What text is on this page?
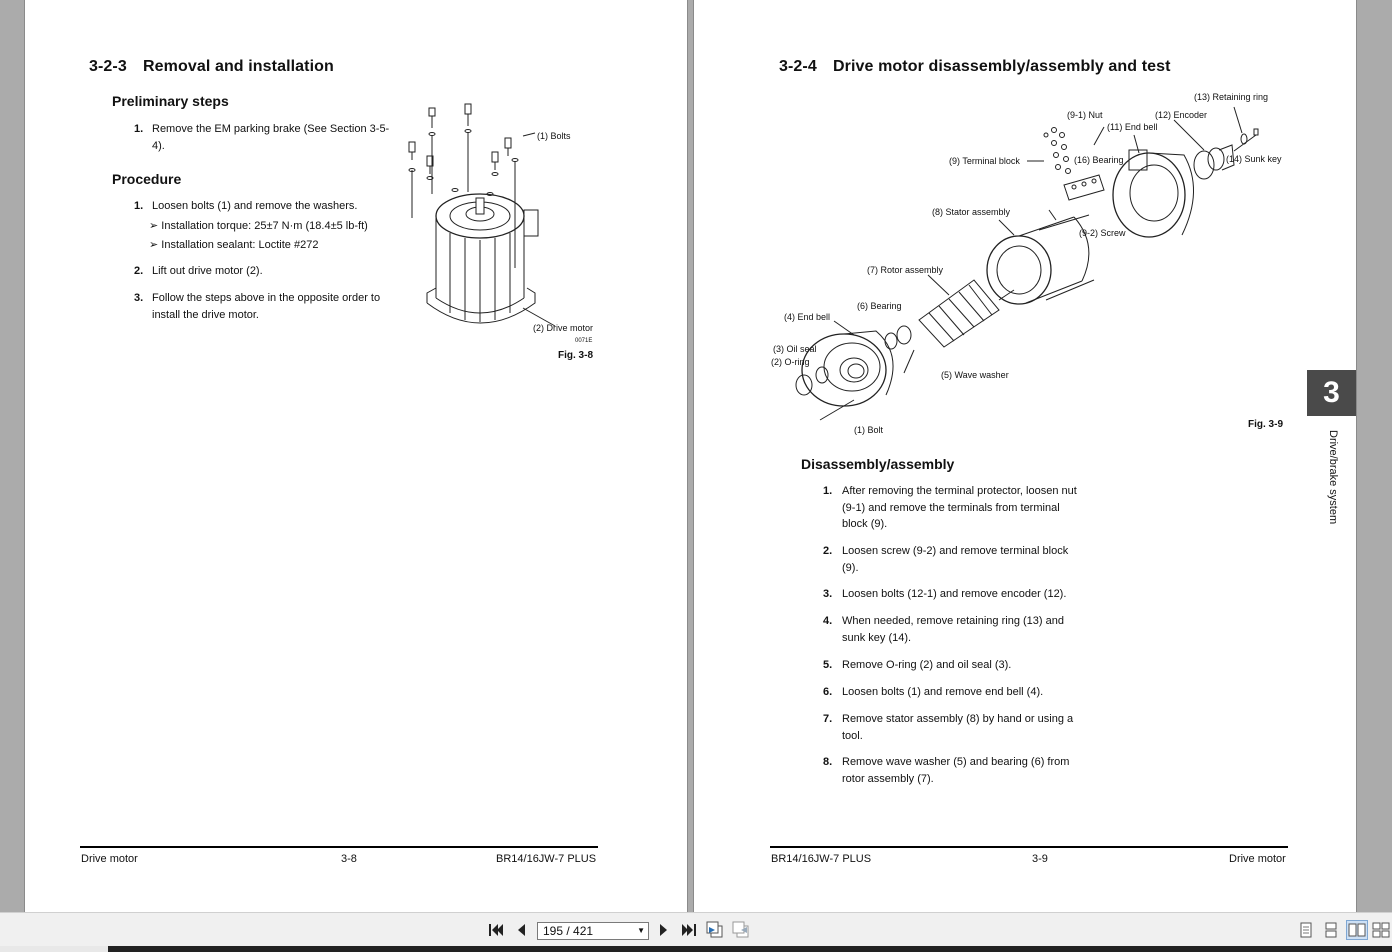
3-2-3 Removal and installation
Preliminary steps
1. Remove the EM parking brake (See Section 3-5-4).
Procedure
1. Loosen bolts (1) and remove the washers.
➢ Installation torque: 25±7 N·m (18.4±5 lb-ft)
➢ Installation sealant: Loctite #272
2. Lift out drive motor (2).
3. Follow the steps above in the opposite order to install the drive motor.
(1) Bolts
(2) Drive motor
0071E
Fig. 3-8
Drive motor	3-8	BR14/16JW-7 PLUS
3-2-4 Drive motor disassembly/assembly and test
(13) Retaining ring
(9-1) Nut	(12) Encoder
(11) End bell
(16) Bearing
(9) Terminal block	(14) Sunk key
(8) Stator assembly
(9-2) Screw
(7) Rotor assembly
(6) Bearing
(4) End bell
(3) Oil seal
(2) O-ring
(5) Wave washer
(1) Bolt	Fig. 3-9
Disassembly/assembly
1. After removing the terminal protector, loosen nut (9-1) and remove the terminals from terminal block (9).
2. Loosen screw (9-2) and remove terminal block (9).
3. Loosen bolts (12-1) and remove encoder (12).
4. When needed, remove retaining ring (13) and sunk key (14).
5. Remove O-ring (2) and oil seal (3).
6. Loosen bolts (1) and remove end bell (4).
7. Remove stator assembly (8) by hand or using a tool.
8. Remove wave washer (5) and bearing (6) from rotor assembly (7).
BR14/16JW-7 PLUS	3-9	Drive motor
3
Drive/brake system
195 / 421	▼
